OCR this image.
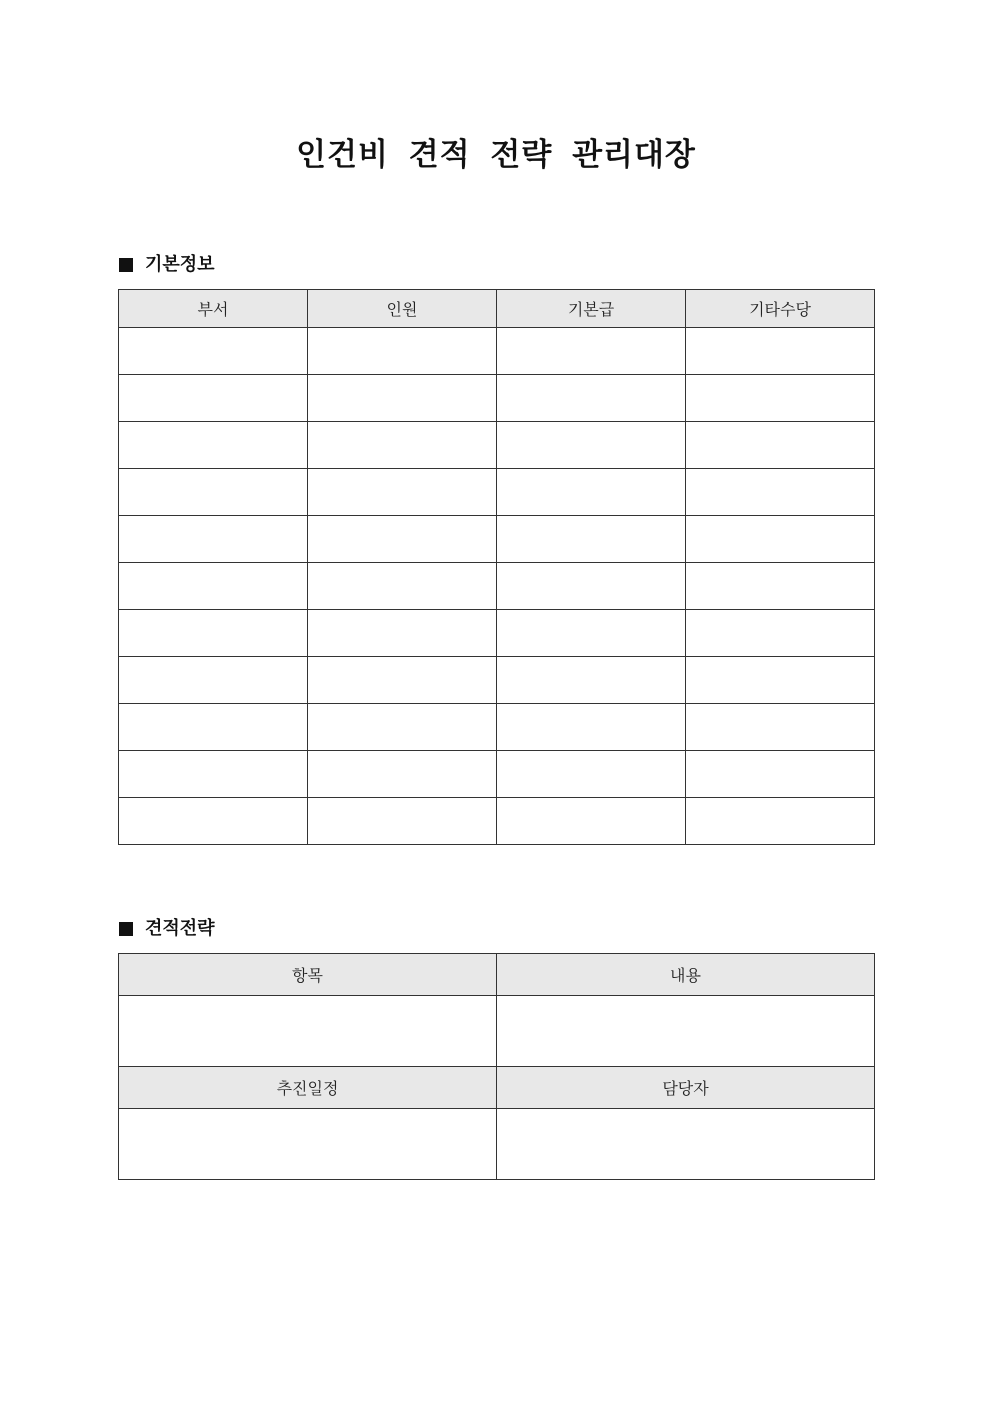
인건비 견적 전략 관리대장
기본정보
부서	인원	기본급	기타수당

견적전략
항목	내용

추진일정	담당자
